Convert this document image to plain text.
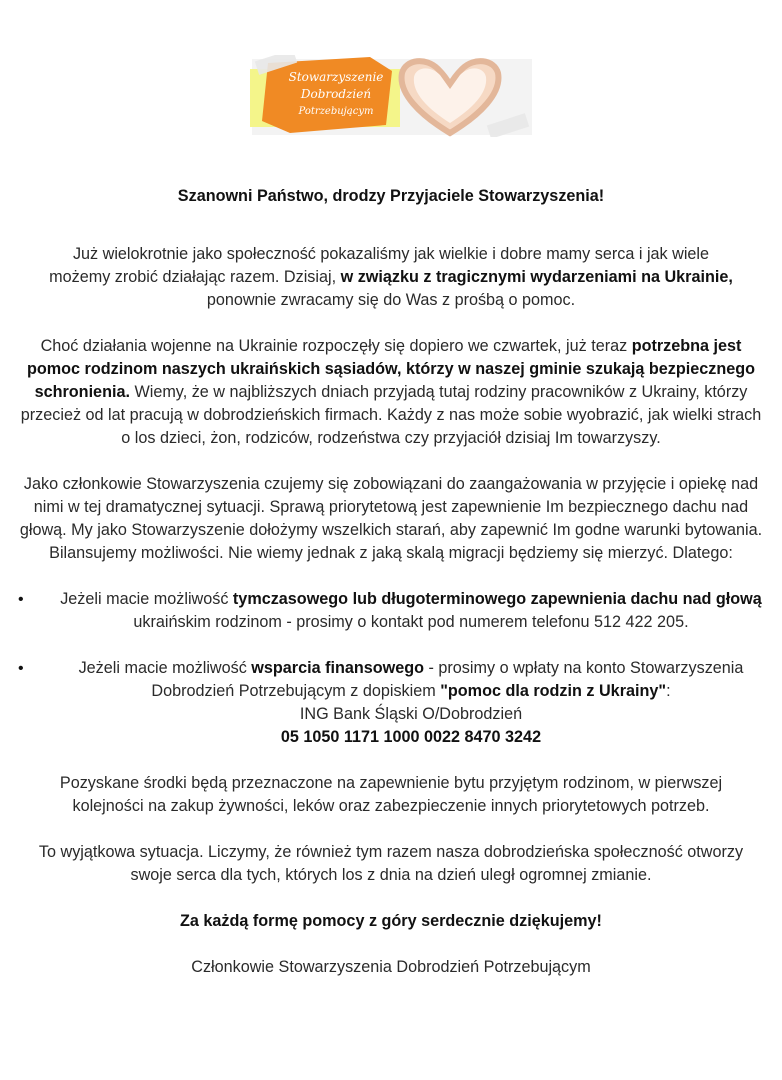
Stowarzyszenie
Dobrodzień
Potrzebującym

Szanowni Państwo, drodzy Przyjaciele Stowarzyszenia!

Już wielokrotnie jako społeczność pokazaliśmy jak wielkie i dobre mamy serca i jak wiele możemy zrobić działając razem. Dzisiaj, w związku z tragicznymi wydarzeniami na Ukrainie, ponownie zwracamy się do Was z prośbą o pomoc.

Choć działania wojenne na Ukrainie rozpoczęły się dopiero we czwartek, już teraz potrzebna jest pomoc rodzinom naszych ukraińskich sąsiadów, którzy w naszej gminie szukają bezpiecznego schronienia. Wiemy, że w najbliższych dniach przyjadą tutaj rodziny pracowników z Ukrainy, którzy przecież od lat pracują w dobrodzieńskich firmach. Każdy z nas może sobie wyobrazić, jak wielki strach o los dzieci, żon, rodziców, rodzeństwa czy przyjaciół dzisiaj Im towarzyszy.

Jako członkowie Stowarzyszenia czujemy się zobowiązani do zaangażowania w przyjęcie i opiekę nad nimi w tej dramatycznej sytuacji. Sprawą priorytetową jest zapewnienie Im bezpiecznego dachu nad głową. My jako Stowarzyszenie dołożymy wszelkich starań, aby zapewnić Im godne warunki bytowania. Bilansujemy możliwości. Nie wiemy jednak z jaką skalą migracji będziemy się mierzyć. Dlatego:

•	Jeżeli macie możliwość tymczasowego lub długoterminowego zapewnienia dachu nad głową ukraińskim rodzinom - prosimy o kontakt pod numerem telefonu 512 422 205.

•	Jeżeli macie możliwość wsparcia finansowego - prosimy o wpłaty na konto Stowarzyszenia Dobrodzień Potrzebującym z dopiskiem "pomoc dla rodzin z Ukrainy":

ING Bank Śląski O/Dobrodzień

05 1050 1171 1000 0022 8470 3242

Pozyskane środki będą przeznaczone na zapewnienie bytu przyjętym rodzinom, w pierwszej kolejności na zakup żywności, leków oraz zabezpieczenie innych priorytetowych potrzeb.

To wyjątkowa sytuacja. Liczymy, że również tym razem nasza dobrodzieńska społeczność otworzy swoje serca dla tych, których los z dnia na dzień uległ ogromnej zmianie.

Za każdą formę pomocy z góry serdecznie dziękujemy!

Członkowie Stowarzyszenia Dobrodzień Potrzebującym
